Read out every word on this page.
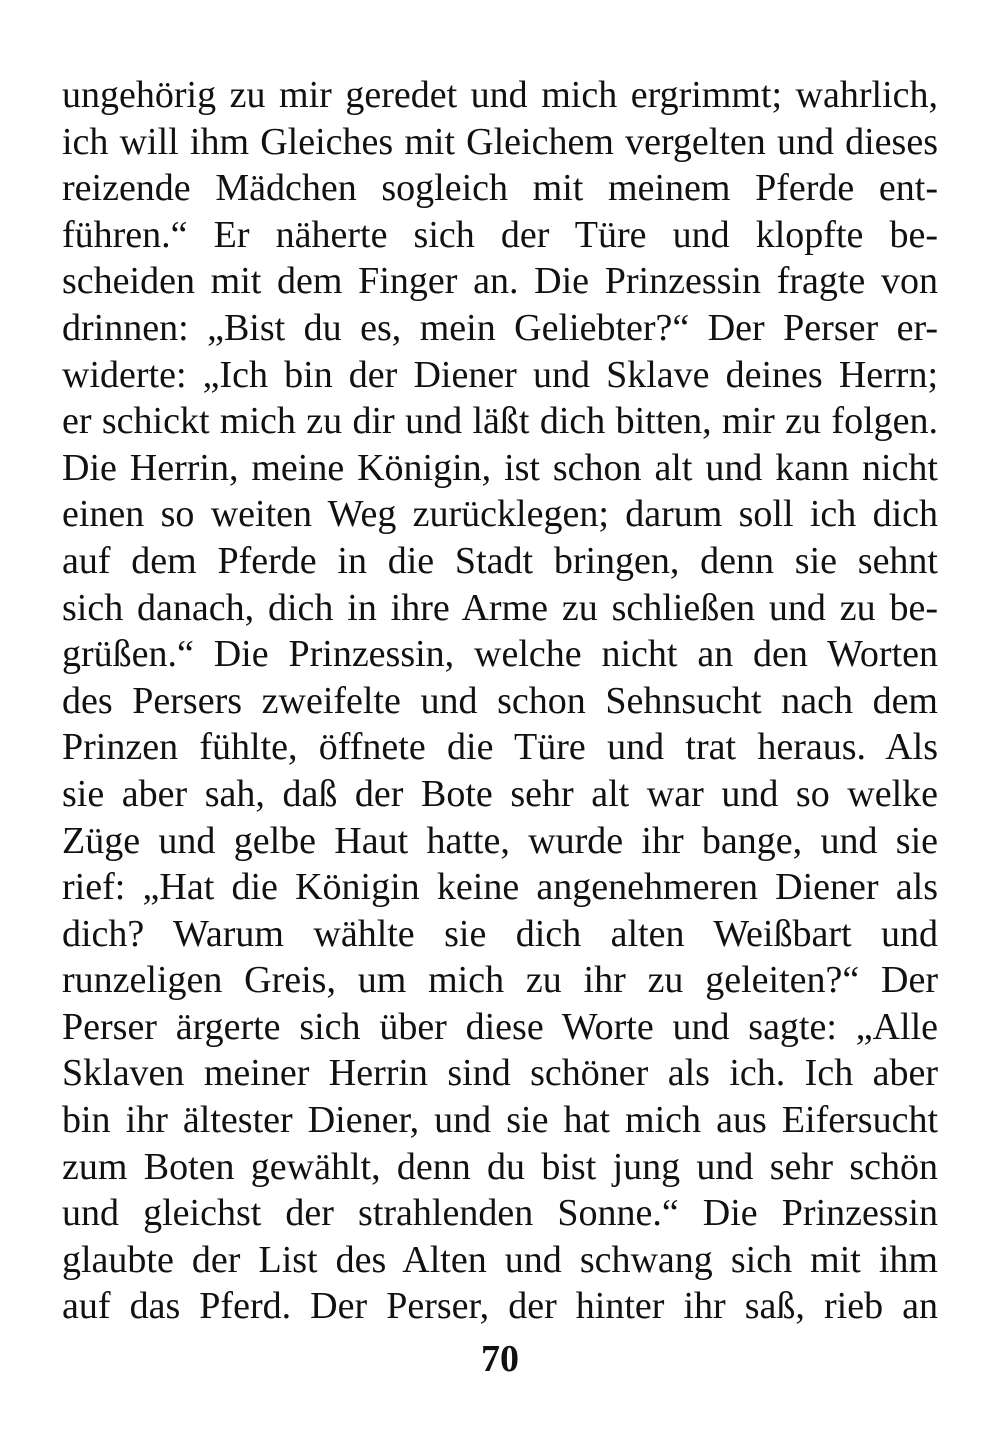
ungehörig zu mir geredet und mich ergrimmt; wahrlich,
ich will ihm Gleiches mit Gleichem vergelten und dieses
reizende Mädchen sogleich mit meinem Pferde ent-
führen.“ Er näherte sich der Türe und klopfte be-
scheiden mit dem Finger an. Die Prinzessin fragte von
drinnen: „Bist du es, mein Geliebter?“ Der Perser er-
widerte: „Ich bin der Diener und Sklave deines Herrn;
er schickt mich zu dir und läßt dich bitten, mir zu folgen.
Die Herrin, meine Königin, ist schon alt und kann nicht
einen so weiten Weg zurücklegen; darum soll ich dich
auf dem Pferde in die Stadt bringen, denn sie sehnt
sich danach, dich in ihre Arme zu schließen und zu be-
grüßen.“ Die Prinzessin, welche nicht an den Worten
des Persers zweifelte und schon Sehnsucht nach dem
Prinzen fühlte, öffnete die Türe und trat heraus. Als
sie aber sah, daß der Bote sehr alt war und so welke
Züge und gelbe Haut hatte, wurde ihr bange, und sie
rief: „Hat die Königin keine angenehmeren Diener als
dich? Warum wählte sie dich alten Weißbart und
runzeligen Greis, um mich zu ihr zu geleiten?“ Der
Perser ärgerte sich über diese Worte und sagte: „Alle
Sklaven meiner Herrin sind schöner als ich. Ich aber
bin ihr ältester Diener, und sie hat mich aus Eifersucht
zum Boten gewählt, denn du bist jung und sehr schön
und gleichst der strahlenden Sonne.“ Die Prinzessin
glaubte der List des Alten und schwang sich mit ihm
auf das Pferd. Der Perser, der hinter ihr saß, rieb an
70
